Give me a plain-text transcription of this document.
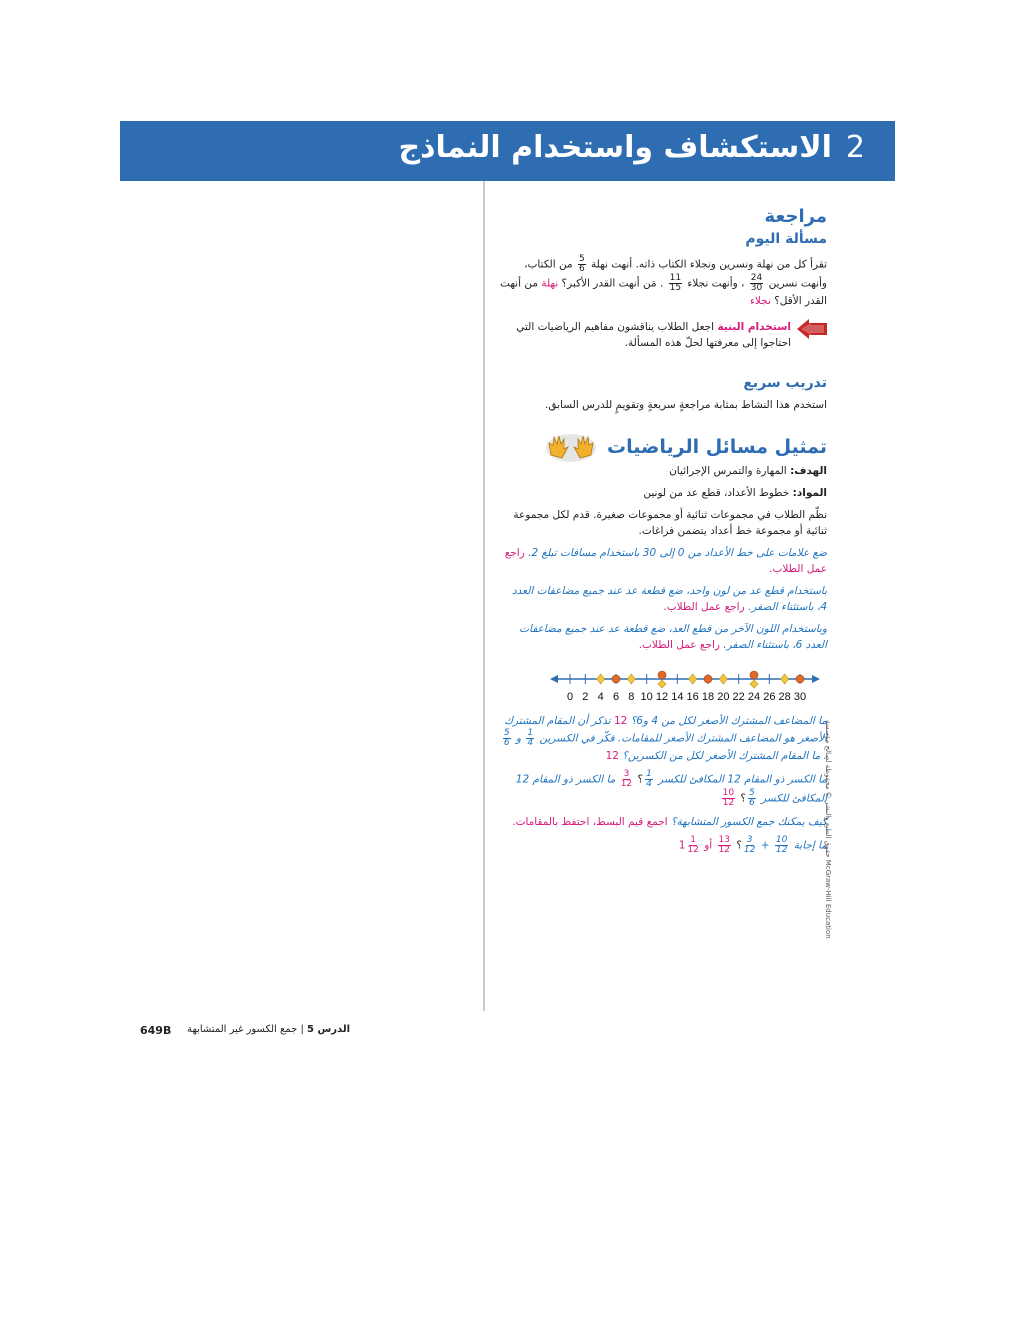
2الاستكشاف واستخدام النماذج
مراجعة
مسألة اليوم

تقرأ كل من نهلة ونسرين ونجلاء الكتاب ذاته. أنهت نهلة
$\frac{5}{6}$
من الكتاب، وأنهت نسرين
$\frac{24}{30}$
، وأنهت نجلاء
$\frac{11}{15}$
. مَن أنهت القدر الأكبر؟ نهلة من أنهت القدر الأقل؟ نجلاء

استخدام البنية اجعل الطلاب يناقشون مفاهيم الرياضيات التي احتاجوا إلى معرفتها لحلّ هذه المسألة.

تدريب سريع

استخدم هذا النشاط بمثابة مراجعةٍ سريعةٍ وتقويمٍ للدرس السابق.

تمثيل مسائل الرياضيات

الهدف: المهارة والتمرس الإجرائيان

المواد: خطوط الأعداد، قطع عد من لونين

نظّم الطلاب في مجموعات ثنائية أو مجموعات صغيرة. قدم لكل مجموعة ثنائية أو مجموعة خط أعداد يتضمن فراغات.

ضع علامات على خط الأعداد من 0 إلى 30 باستخدام مسافات تبلغ 2. راجع عمل الطلاب.

باستخدام قطع عد من لون واحد، ضع قطعة عد عند جميع مضاعفات العدد 4، باستثناء الصفر. راجع عمل الطلاب.

وباستخدام اللون الآخر من قطع العد، ضع قطعة عد عند جميع مضاعفات العدد 6، باستثناء الصفر. راجع عمل الطلاب.

0 2 4 6 8 10 12 14 16 18 20 22 24 26 28 30

ما المضاعف المشترك الأصغر لكل من 4 و6؟ 12 تذكر أن المقام المشترك الأصغر هو المضاعف المشترك الأصغر للمقامات. فكّر في الكسرين
$\frac{1}{4}$
و
$\frac{5}{6}$
. ما المقام المشترك الأصغر لكل من الكسرين؟ 12

ما الكسر ذو المقام 12 المكافئ للكسر
$\frac{1}{4}$
؟
$\frac{3}{12}$
ما الكسر ذو المقام 12 المكافئ للكسر
$\frac{5}{6}$
؟
$\frac{10}{12}$

كيف يمكنك جمع الكسور المتشابهة؟ اجمع قيم البسط، احتفظ بالمقامات.

ما إجابة
$\frac{10}{12}$
+
$\frac{3}{12}$
؟
$\frac{13}{12}$
أو $1 \frac{1}{12}$	حقوق الطبع والنشر © محفوظة لصالح مؤسسة McGraw-Hill Education
الدرس 5 | جمع الكسور غير المتشابهة
649B
